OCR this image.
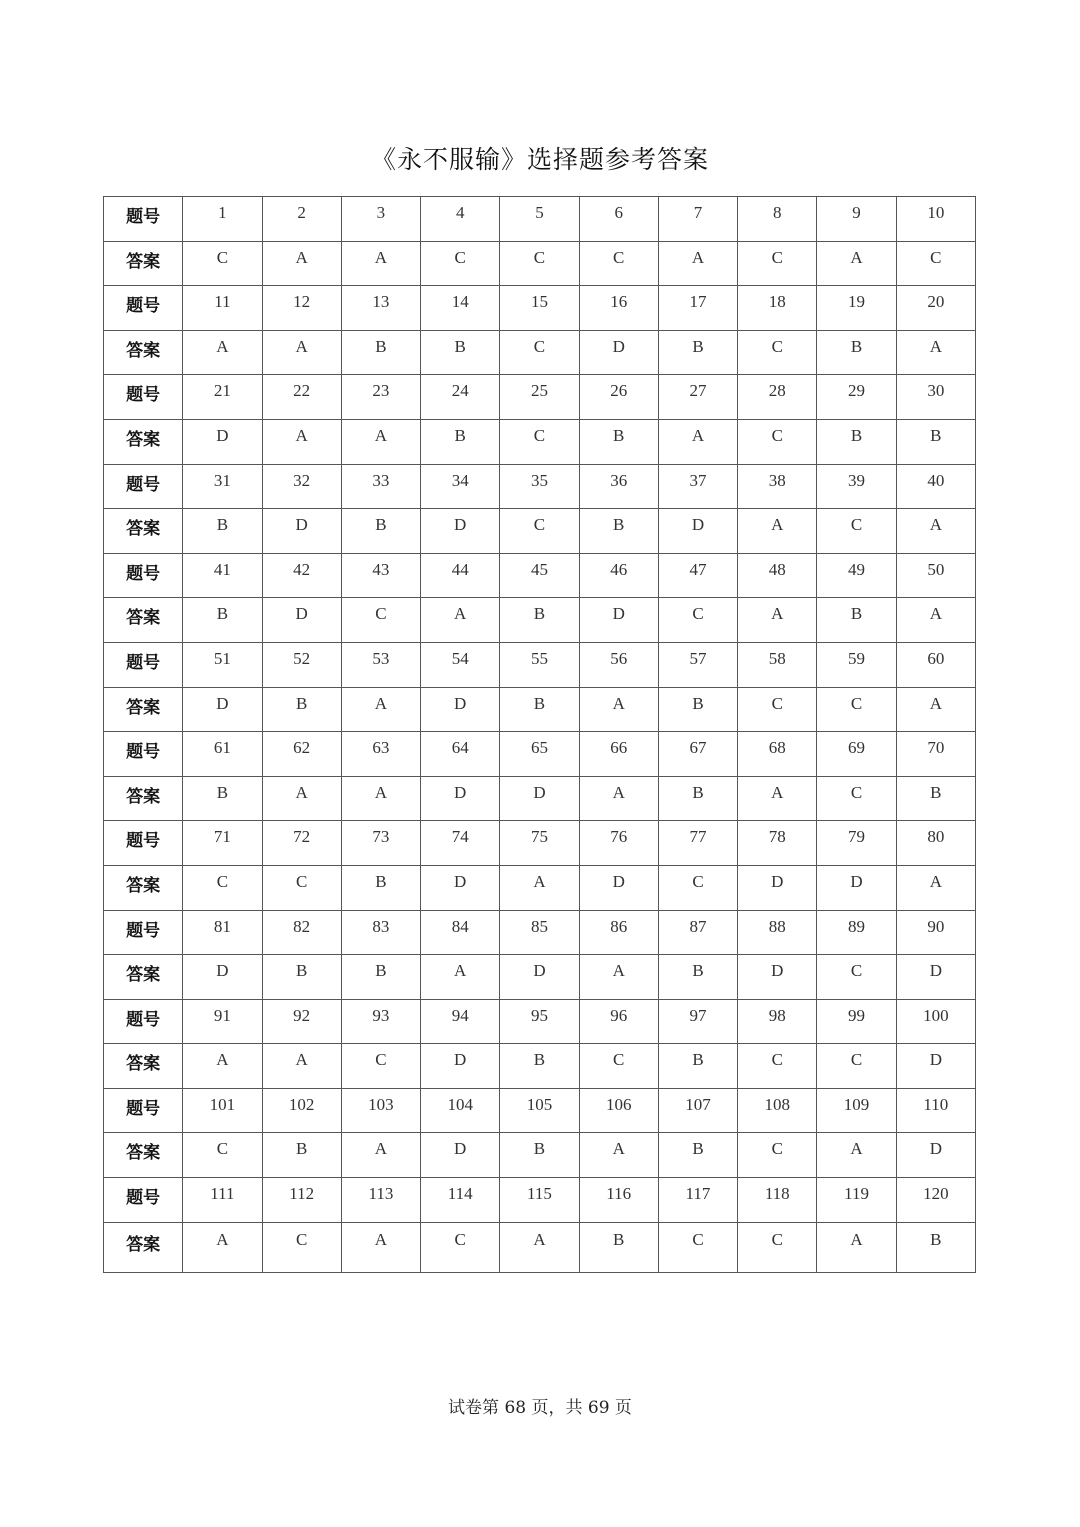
《永不服输》选择题参考答案
题号	1	2	3	4	5	6	7	8	9	10
答案	C	A	A	C	C	C	A	C	A	C
题号	11	12	13	14	15	16	17	18	19	20
答案	A	A	B	B	C	D	B	C	B	A
题号	21	22	23	24	25	26	27	28	29	30
答案	D	A	A	B	C	B	A	C	B	B
题号	31	32	33	34	35	36	37	38	39	40
答案	B	D	B	D	C	B	D	A	C	A
题号	41	42	43	44	45	46	47	48	49	50
答案	B	D	C	A	B	D	C	A	B	A
题号	51	52	53	54	55	56	57	58	59	60
答案	D	B	A	D	B	A	B	C	C	A
题号	61	62	63	64	65	66	67	68	69	70
答案	B	A	A	D	D	A	B	A	C	B
题号	71	72	73	74	75	76	77	78	79	80
答案	C	C	B	D	A	D	C	D	D	A
题号	81	82	83	84	85	86	87	88	89	90
答案	D	B	B	A	D	A	B	D	C	D
题号	91	92	93	94	95	96	97	98	99	100
答案	A	A	C	D	B	C	B	C	C	D
题号	101	102	103	104	105	106	107	108	109	110
答案	C	B	A	D	B	A	B	C	A	D
题号	111	112	113	114	115	116	117	118	119	120
答案	A	C	A	C	A	B	C	C	A	B
试卷第 68 页，共 69 页
